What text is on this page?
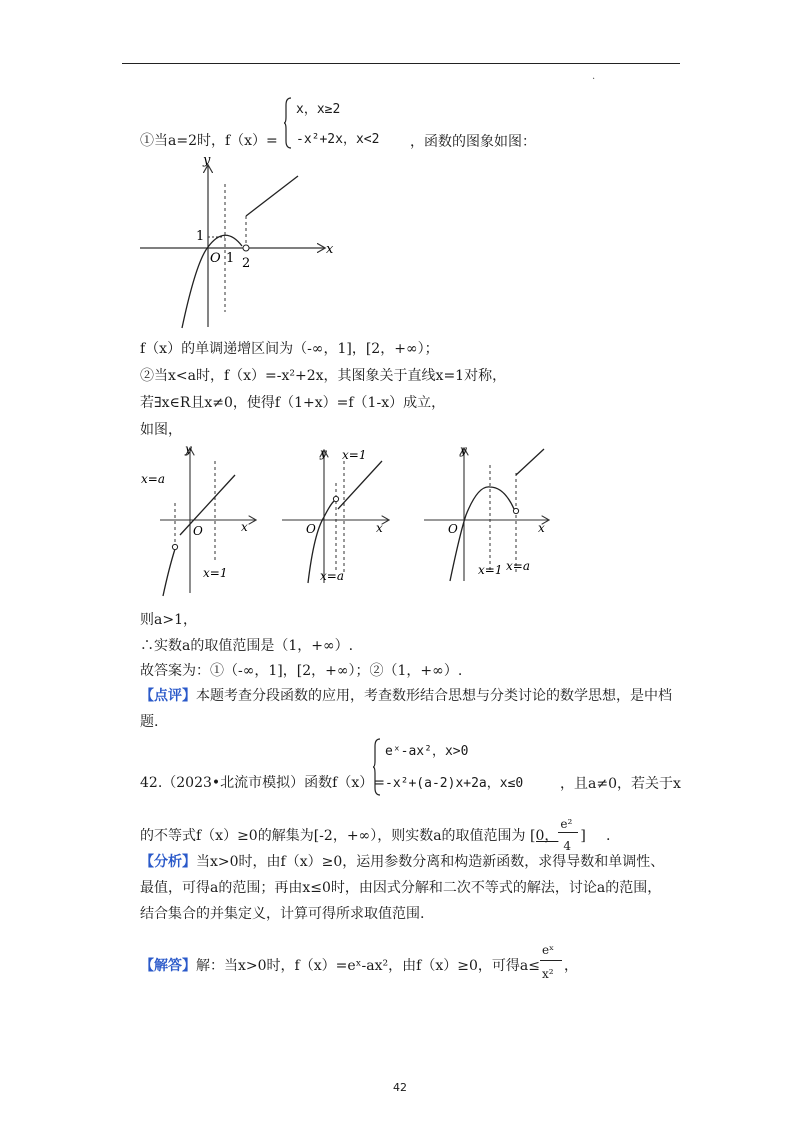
.
①当a=2时，f（x）=
x，x≥2
-x²+2x，x<2 ，函数的图象如图：
y
x
O 1
1
2
f（x）的单调递增区间为（-∞，1]，[2，+∞）；
②当x<a时，f（x）=-x²+2x，其图象关于直线x=1对称，
若∃x∈R且x≠0，使得f（1+x）=f（1-x）成立，
如图，
y
x
O
x=a
x=1
y
x
O
x=1
x=a
y
x
O
x=1 x=a
则a>1，
∴实数a的取值范围是（1，+∞）.
故答案为：①（-∞，1]，[2，+∞）；②（1，+∞）.
【点评】本题考查分段函数的应用，考查数形结合思想与分类讨论的数学思想，是中档
题.
42.（2023•北流市模拟）函数f（x）=
eˣ-ax²，x>0
-x²+(a-2)x+2a，x≤0	，且a≠0，若关于x
的不等式f（x）≥0的解集为[-2，+∞），则实数a的取值范围为 [0，
$\frac{\text{e²}}{4}$
] .
【分析】当x>0时，由f（x）≥0，运用参数分离和构造新函数，求得导数和单调性、
最值，可得a的范围；再由x≤0时，由因式分解和二次不等式的解法，讨论a的范围，
结合集合的并集定义，计算可得所求取值范围.
【解答】解：当x>0时，f（x）=eˣ-ax²，由f（x）≥0，可得a≤
$\frac{\text{eˣ}}{\text{x²}}$
，
42
